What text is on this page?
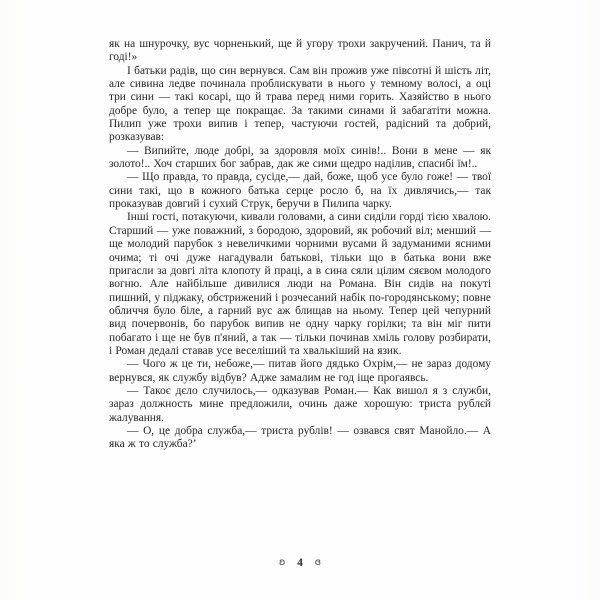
як на шнурочку, вус чорненький, ще й угору трохи закручений. Панич, та й годі!»

І батьки радів, що син вернувся. Сам він прожив уже півсотні й шість літ, але сивина ледве починала проблискувати в нього у темному волосі, а оці три сини — такі косарі, що й трава перед ними горить. Хазяйство в нього добре було, а тепер ще покращає. За такими синами й забагатіти можна. Пилип уже трохи випив і тепер, частуючи гостей, радісний та добрий, розказував:

— Випийте, люде добрі, за здоровля моїх синів!.. Вони в мене — як золото!.. Хоч старших бог забрав, дак же сими щедро наділив, спасибі їм!..

— Що правда, то правда, сусіде,— дай, боже, щоб усе було гоже! — твої сини такі, що в кожного батька серце росло б, на їх дивлячись,— так проказував довгий і сухий Струк, беручи в Пилипа чарку.

Інші гості, потакуючи, кивали головами, а сини сиділи горді тією хвалою. Старший — уже поважний, з бородою, здоровий, як робочий віл; менший — ще молодий парубок з невеличкими чорними вусами й задуманими ясними очима; ті очі дуже нагадували батькові, тільки що в батька вони вже пригасли за довгі літа клопоту й праці, а в сина сяли цілим сяєвом молодого вогню. Але найбільше дивилися люди на Романа. Він сидів на покуті пишний, у піджаку, обстрижений і розчесаний набік по-городянському; повне обличчя було біле, а гарний вус аж блищав на ньому. Тепер цей чепурний вид почервонів, бо парубок випив не одну чарку горілки; та він міг пити побагато і ще не був п'яний, а так — тільки починав хміль голову розбирати, і Роман дедалі ставав усе веселіший та хвалькіший на язик.

— Чого ж це ти, небоже,— питав його дядько Охрім,— не зараз додому вернувся, як службу відбув? Адже замалим не год іще прогаявсь.

— Такоє дєло случилось,— одказував Роман.— Как вишол я з служби, зараз должность мине предложили, очинь даже хорошую: триста рублєй жалування.

— О, це добра служба,— триста рублів! — озвався свят Манойло.— А яка ж то служба?’

ʚ 4 ɞ
